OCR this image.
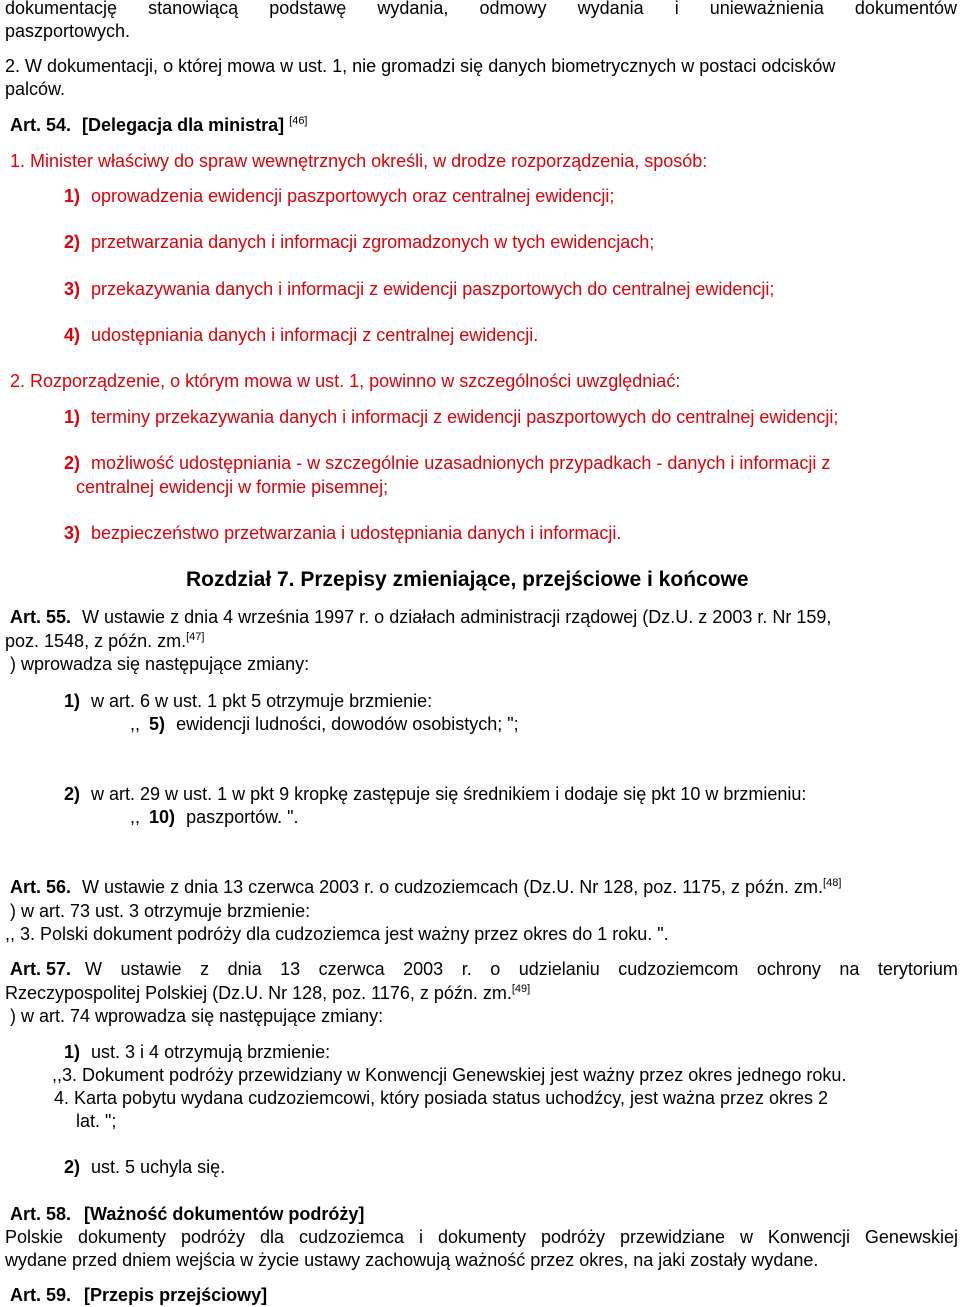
dokumentację stanowiącą podstawę wydania, odmowy wydania i unieważnienia dokumentów
paszportowych.
2. W dokumentacji, o której mowa w ust. 1, nie gromadzi się danych biometrycznych w postaci odcisków
palców.
Art. 54. [Delegacja dla ministra] [46]
1. Minister właściwy do spraw wewnętrznych określi, w drodze rozporządzenia, sposób:
1) oprowadzenia ewidencji paszportowych oraz centralnej ewidencji;
2) przetwarzania danych i informacji zgromadzonych w tych ewidencjach;
3) przekazywania danych i informacji z ewidencji paszportowych do centralnej ewidencji;
4) udostępniania danych i informacji z centralnej ewidencji.
2. Rozporządzenie, o którym mowa w ust. 1, powinno w szczególności uwzględniać:
1) terminy przekazywania danych i informacji z ewidencji paszportowych do centralnej ewidencji;
2) możliwość udostępniania - w szczególnie uzasadnionych przypadkach - danych i informacji z
centralnej ewidencji w formie pisemnej;
3) bezpieczeństwo przetwarzania i udostępniania danych i informacji.
Rozdział 7. Przepisy zmieniające, przejściowe i końcowe
Art. 55. W ustawie z dnia 4 września 1997 r. o działach administracji rządowej (Dz.U. z 2003 r. Nr 159,
poz. 1548, z późn. zm.[47]
) wprowadza się następujące zmiany:
1) w art. 6 w ust. 1 pkt 5 otrzymuje brzmienie:
,, 5) ewidencji ludności, dowodów osobistych; ";
2) w art. 29 w ust. 1 w pkt 9 kropkę zastępuje się średnikiem i dodaje się pkt 10 w brzmieniu:
,, 10) paszportów. ".
Art. 56. W ustawie z dnia 13 czerwca 2003 r. o cudzoziemcach (Dz.U. Nr 128, poz. 1175, z późn. zm.[48]
) w art. 73 ust. 3 otrzymuje brzmienie:
,, 3. Polski dokument podróży dla cudzoziemca jest ważny przez okres do 1 roku. ".
Art. 57. W ustawie z dnia 13 czerwca 2003 r. o udzielaniu cudzoziemcom ochrony na terytorium
Rzeczypospolitej Polskiej (Dz.U. Nr 128, poz. 1176, z późn. zm.[49]
) w art. 74 wprowadza się następujące zmiany:
1) ust. 3 i 4 otrzymują brzmienie:
,,3. Dokument podróży przewidziany w Konwencji Genewskiej jest ważny przez okres jednego roku.
4. Karta pobytu wydana cudzoziemcowi, który posiada status uchodźcy, jest ważna przez okres 2
lat. ";
2) ust. 5 uchyla się.
Art. 58. [Ważność dokumentów podróży]
Polskie dokumenty podróży dla cudzoziemca i dokumenty podróży przewidziane w Konwencji Genewskiej
wydane przed dniem wejścia w życie ustawy zachowują ważność przez okres, na jaki zostały wydane.
Art. 59. [Przepis przejściowy]
